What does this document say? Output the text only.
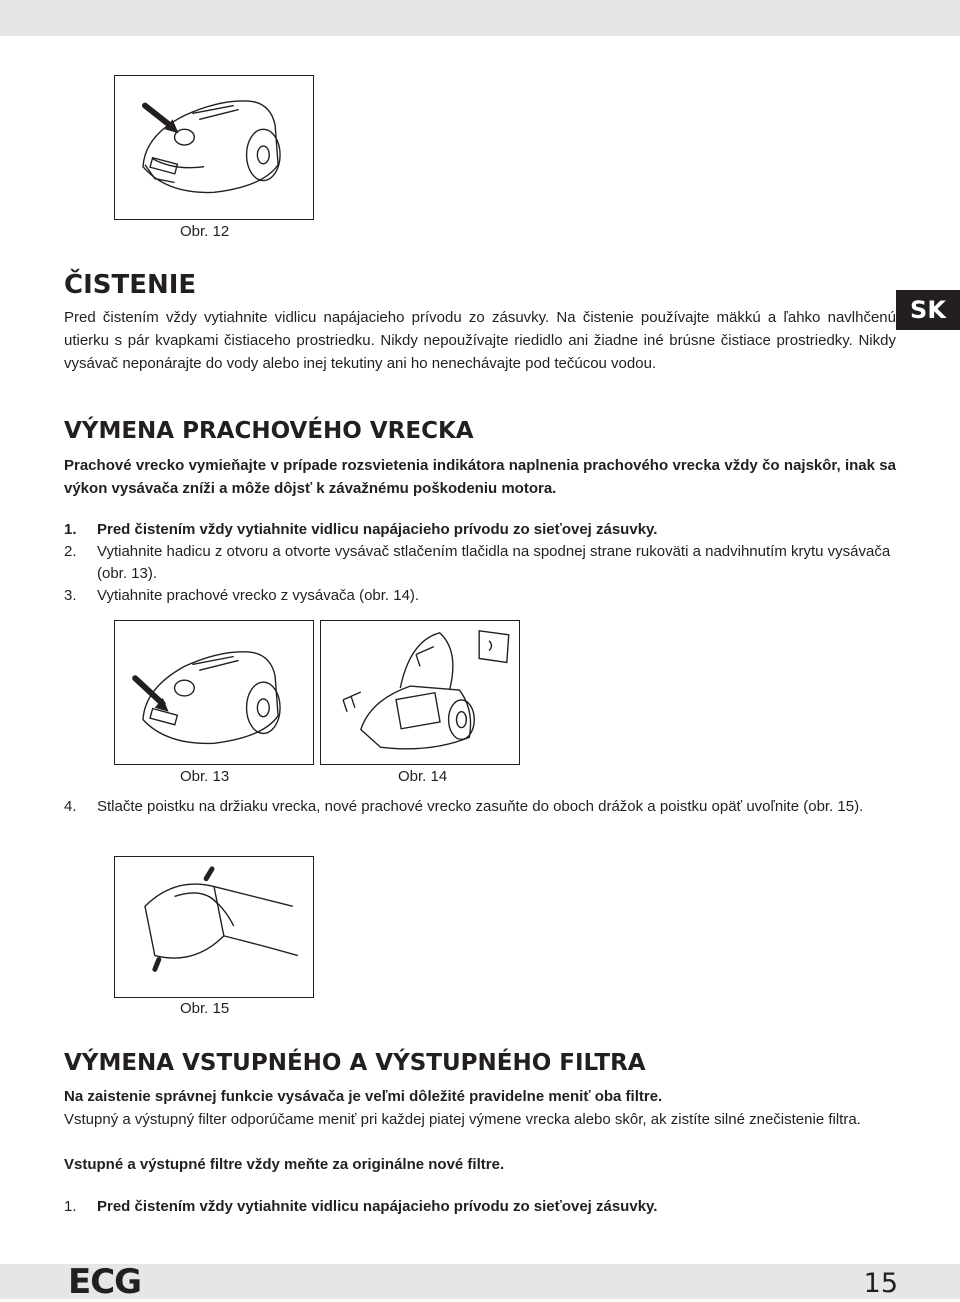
Obr. 12
ČISTENIE
Pred čistením vždy vytiahnite vidlicu napájacieho prívodu zo zásuvky. Na čistenie používajte mäkkú a ľahko navlhčenú utierku s pár kvapkami čistiaceho prostriedku. Nikdy nepoužívajte riedidlo ani žiadne iné brúsne čistiace prostriedky. Nikdy vysávač neponárajte do vody alebo inej tekutiny ani ho nenechávajte pod tečúcou vodou.
SK
VÝMENA PRACHOVÉHO VRECKA
Prachové vrecko vymieňajte v prípade rozsvietenia indikátora naplnenia prachového vrecka vždy čo najskôr, inak sa výkon vysávača zníži a môže dôjsť k závažnému poškodeniu motora.
1.	Pred čistením vždy vytiahnite vidlicu napájacieho prívodu zo sieťovej zásuvky.
2.	Vytiahnite hadicu z otvoru a otvorte vysávač stlačením tlačidla na spodnej strane rukoväti a nadvihnutím krytu vysávača (obr. 13).
3.	Vytiahnite prachové vrecko z vysávača (obr. 14).
Obr. 13	Obr. 14
4.	Stlačte poistku na držiaku vrecka, nové prachové vrecko zasuňte do oboch drážok a poistku opäť uvoľnite (obr. 15).
Obr. 15
VÝMENA VSTUPNÉHO A VÝSTUPNÉHO FILTRA
Na zaistenie správnej funkcie vysávača je veľmi dôležité pravidelne meniť oba filtre.
Vstupný a výstupný filter odporúčame meniť pri každej piatej výmene vrecka alebo skôr, ak zistíte silné znečistenie filtra.
Vstupné a výstupné filtre vždy meňte za originálne nové filtre.
1.	Pred čistením vždy vytiahnite vidlicu napájacieho prívodu zo sieťovej zásuvky.
ECG	15
